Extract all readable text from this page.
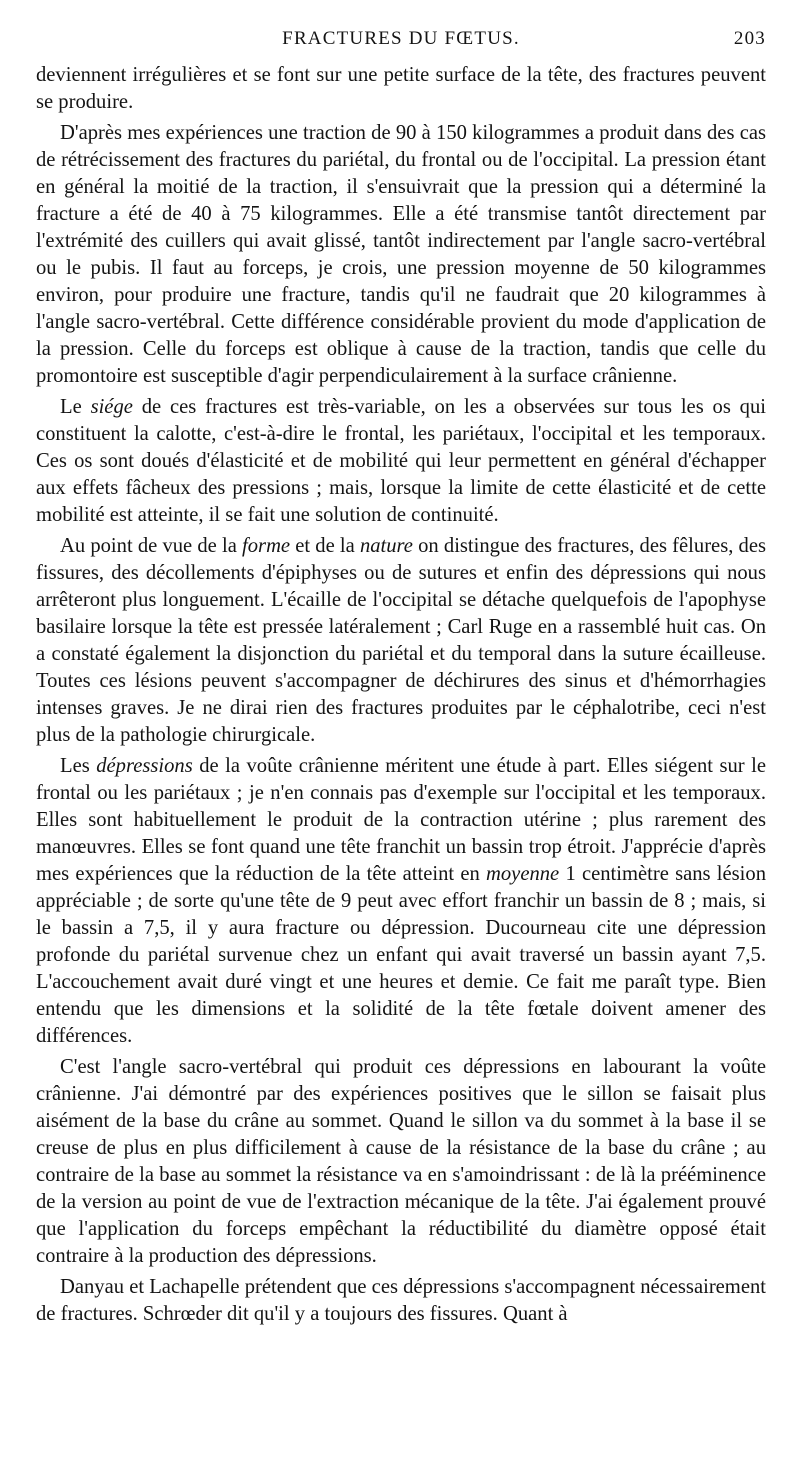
FRACTURES DU FŒTUS.	203

deviennent irrégulières et se font sur une petite surface de la tête, des fractures peuvent se produire.

D'après mes expériences une traction de 90 à 150 kilogrammes a produit dans des cas de rétrécissement des fractures du pariétal, du frontal ou de l'occipital. La pression étant en général la moitié de la traction, il s'ensuivrait que la pression qui a déterminé la fracture a été de 40 à 75 kilogrammes. Elle a été transmise tantôt directement par l'extrémité des cuillers qui avait glissé, tantôt indirectement par l'angle sacro-vertébral ou le pubis. Il faut au forceps, je crois, une pression moyenne de 50 kilogrammes environ, pour produire une fracture, tandis qu'il ne faudrait que 20 kilogrammes à l'angle sacro-vertébral. Cette différence considérable provient du mode d'application de la pression. Celle du forceps est oblique à cause de la traction, tandis que celle du promontoire est susceptible d'agir perpendiculairement à la surface crânienne.

Le siége de ces fractures est très-variable, on les a observées sur tous les os qui constituent la calotte, c'est-à-dire le frontal, les pariétaux, l'occipital et les temporaux. Ces os sont doués d'élasticité et de mobilité qui leur permettent en général d'échapper aux effets fâcheux des pressions ; mais, lorsque la limite de cette élasticité et de cette mobilité est atteinte, il se fait une solution de continuité.

Au point de vue de la forme et de la nature on distingue des fractures, des fêlures, des fissures, des décollements d'épiphyses ou de sutures et enfin des dépressions qui nous arrêteront plus longuement. L'écaille de l'occipital se détache quelquefois de l'apophyse basilaire lorsque la tête est pressée latéralement ; Carl Ruge en a rassemblé huit cas. On a constaté également la disjonction du pariétal et du temporal dans la suture écailleuse. Toutes ces lésions peuvent s'accompagner de déchirures des sinus et d'hémorrhagies intenses graves. Je ne dirai rien des fractures produites par le céphalotribe, ceci n'est plus de la pathologie chirurgicale.

Les dépressions de la voûte crânienne méritent une étude à part. Elles siégent sur le frontal ou les pariétaux ; je n'en connais pas d'exemple sur l'occipital et les temporaux. Elles sont habituellement le produit de la contraction utérine ; plus rarement des manœuvres. Elles se font quand une tête franchit un bassin trop étroit. J'apprécie d'après mes expériences que la réduction de la tête atteint en moyenne 1 centimètre sans lésion appréciable ; de sorte qu'une tête de 9 peut avec effort franchir un bassin de 8 ; mais, si le bassin a 7,5, il y aura fracture ou dépression. Ducourneau cite une dépression profonde du pariétal survenue chez un enfant qui avait traversé un bassin ayant 7,5. L'accouchement avait duré vingt et une heures et demie. Ce fait me paraît type. Bien entendu que les dimensions et la solidité de la tête fœtale doivent amener des différences.

C'est l'angle sacro-vertébral qui produit ces dépressions en labourant la voûte crânienne. J'ai démontré par des expériences positives que le sillon se faisait plus aisément de la base du crâne au sommet. Quand le sillon va du sommet à la base il se creuse de plus en plus difficilement à cause de la résistance de la base du crâne ; au contraire de la base au sommet la résistance va en s'amoindrissant : de là la prééminence de la version au point de vue de l'extraction mécanique de la tête. J'ai également prouvé que l'application du forceps empêchant la réductibilité du diamètre opposé était contraire à la production des dépressions.

Danyau et Lachapelle prétendent que ces dépressions s'accompagnent nécessairement de fractures. Schrœder dit qu'il y a toujours des fissures. Quant à
